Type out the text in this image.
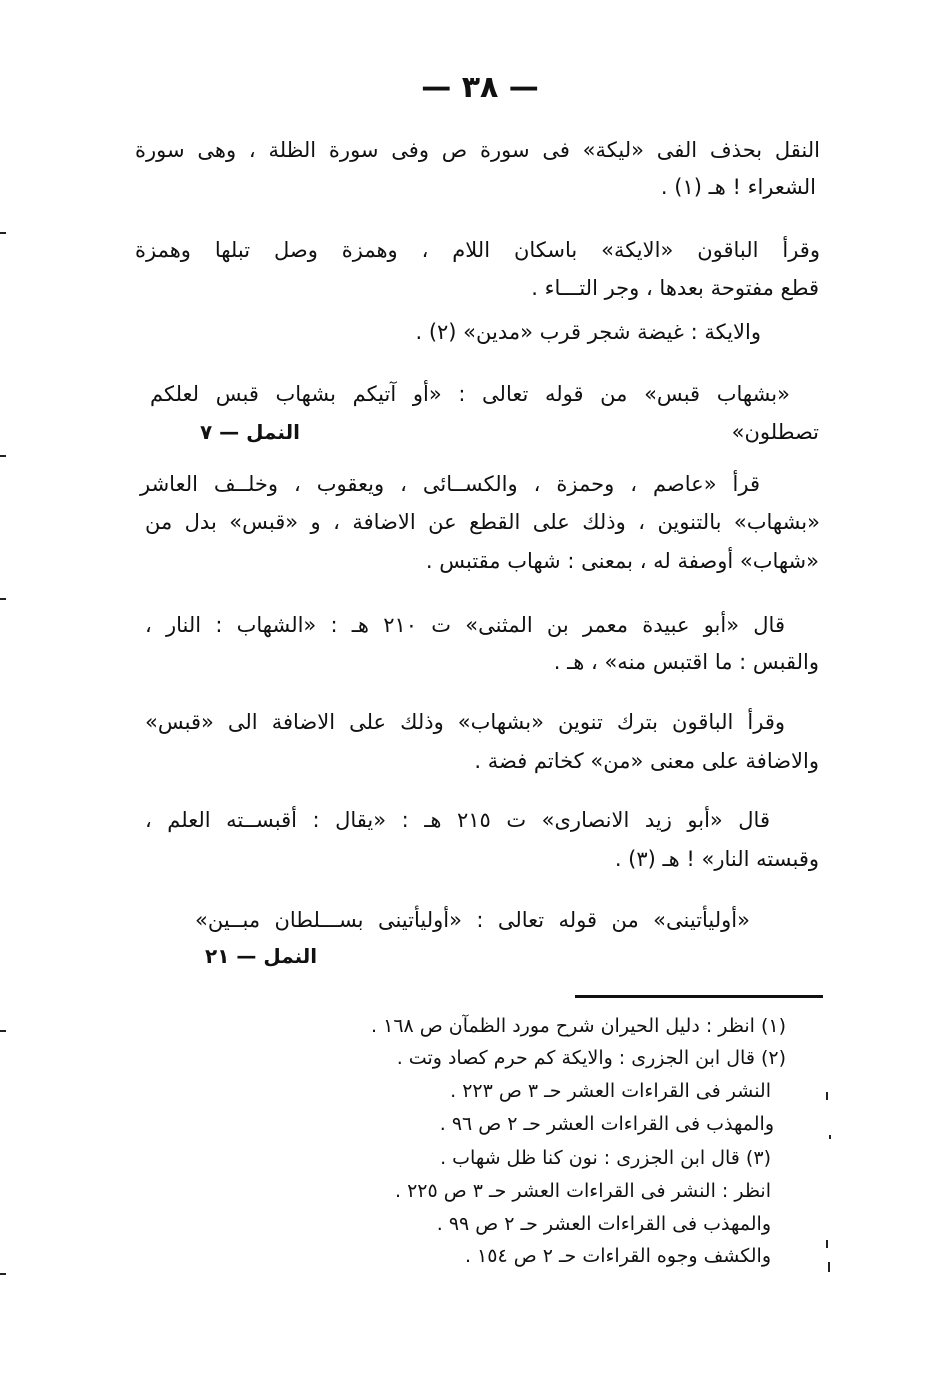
— ٣٨ —
النقل بحذف الفى «ليكة» فى سورة ص وفى سورة الظلة ، وهى سورة
الشعراء ! هـ (١) .
وقرأ الباقون «الايكة» باسكان اللام ، وهمزة وصل تبلها وهمزة
قطع مفتوحة بعدها ، وجر التـــاء .
والايكة : غيضة شجر قرب «مدين» (٢) .
«بشهاب قبس» من قوله تعالى : «أو آتيكم بشهاب قبس لعلكم
تصطلون»
النمل — ٧
قرأ «عاصم ، وحمزة ، والكســائى ، ويعقوب ، وخلــف العاشر
«بشهاب» بالتنوين ، وذلك على القطع عن الاضافة ، و «قبس» بدل من
«شهاب» أوصفة له ، بمعنى : شهاب مقتبس .
قال «أبو عبيدة معمر بن المثنى» ت ٢١٠ هـ : «الشهاب : النار ،
والقبس : ما اقتبس منه» ، هـ .
وقرأ الباقون بترك تنوين «بشهاب» وذلك على الاضافة الى «قبس»
والاضافة على معنى «من» كخاتم فضة .
قال «أبو زيد الانصارى» ت ٢١٥ هـ : «يقال : أقبســته العلم ،
وقبسته النار» ! هـ (٣) .
«أوليأتينى» من قوله تعالى : «أوليأتينى بســـلطان مبــين»
النمل — ٢١
(١) انظر : دليل الحيران شرح مورد الظمآن ص ١٦٨ .
(٢) قال ابن الجزرى : والايكة كم حرم كصاد وتت .
النشر فى القراءات العشر حـ ٣ ص ٢٢٣ .
والمهذب فى القراءات العشر حـ ٢ ص ٩٦ .
(٣) قال ابن الجزرى : نون كنا ظل شهاب .
انظر : النشر فى القراءات العشر حـ ٣ ص ٢٢٥ .
والمهذب فى القراءات العشر حـ ٢ ص ٩٩ .
والكشف وجوه القراءات حـ ٢ ص ١٥٤ .
